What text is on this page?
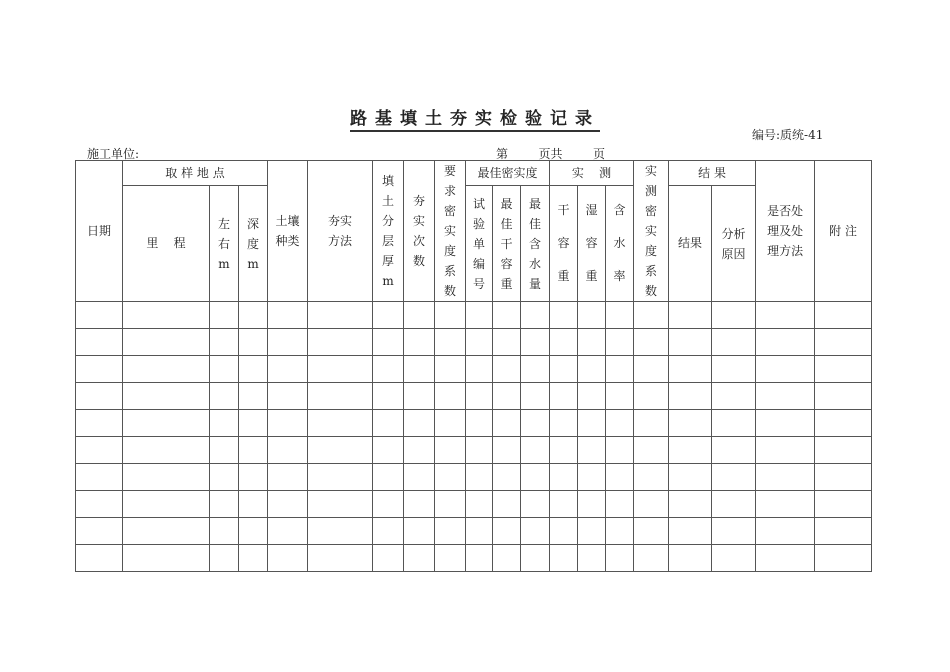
路基填土夯实检验记录
编号:质统-41
施工单位:	第        页共        页
日期	取 样 地 点			土壤种类	夯实方法	填土分层厚m	夯实次数	要求密实度系数	最佳密实度			实    测			实测密实度系数	结 果		是否处理及处理方法	附 注
	里    程	左右m	深度m						试验单编号	最佳干容重	最佳含水量	干容重	湿容重	含水率		结果	分析原因		
